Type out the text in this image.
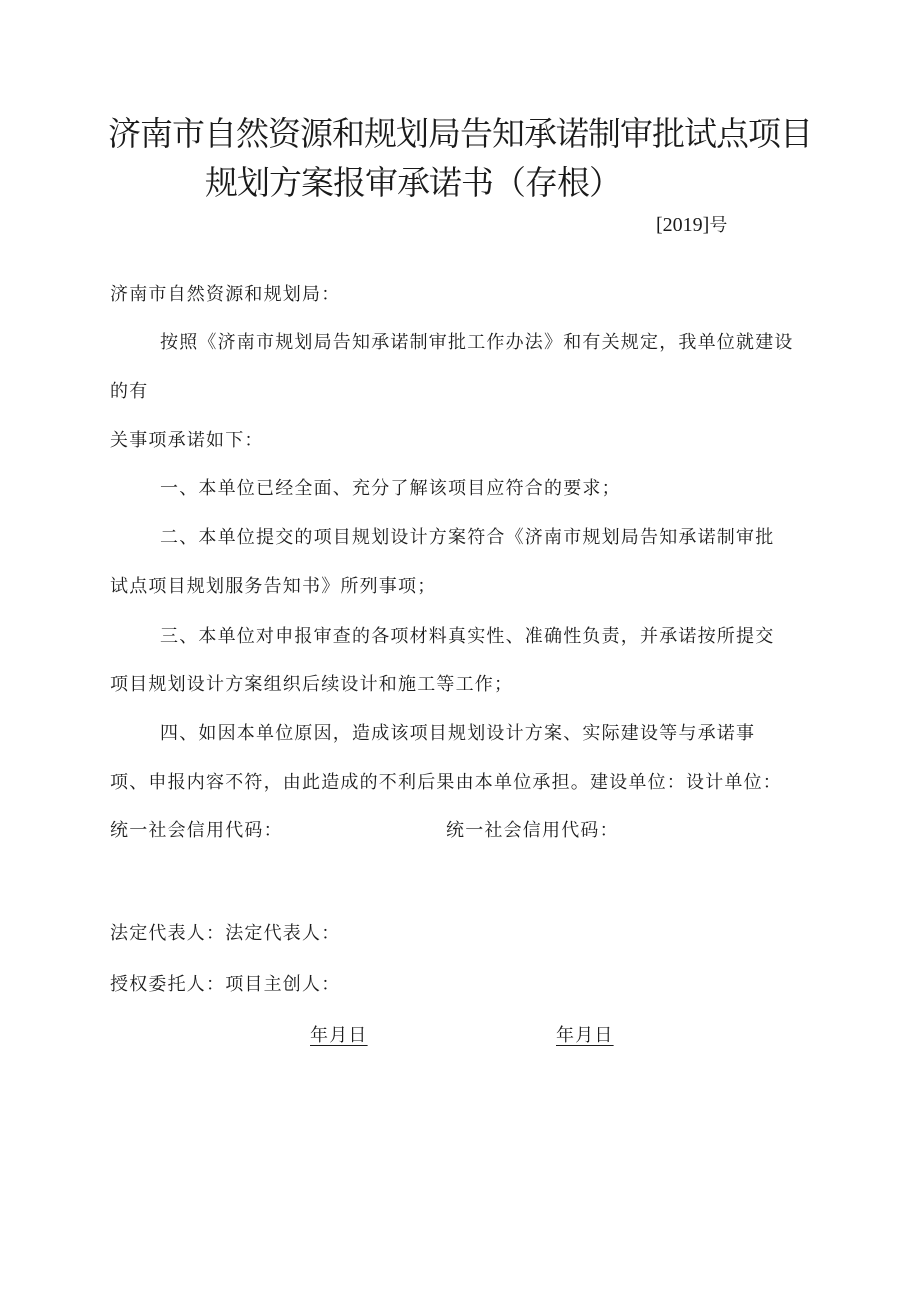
济南市自然资源和规划局告知承诺制审批试点项目
规划方案报审承诺书（存根）
[2019]号
济南市自然资源和规划局：
按照《济南市规划局告知承诺制审批工作办法》和有关规定，我单位就建设
的有
关事项承诺如下：
一、本单位已经全面、充分了解该项目应符合的要求；
二、本单位提交的项目规划设计方案符合《济南市规划局告知承诺制审批
试点项目规划服务告知书》所列事项；
三、本单位对申报审查的各项材料真实性、准确性负责，并承诺按所提交
项目规划设计方案组织后续设计和施工等工作；
四、如因本单位原因，造成该项目规划设计方案、实际建设等与承诺事
项、申报内容不符，由此造成的不利后果由本单位承担。建设单位：设计单位：
统一社会信用代码：	统一社会信用代码：
法定代表人：法定代表人：
授权委托人：项目主创人：
年月日	年月日
